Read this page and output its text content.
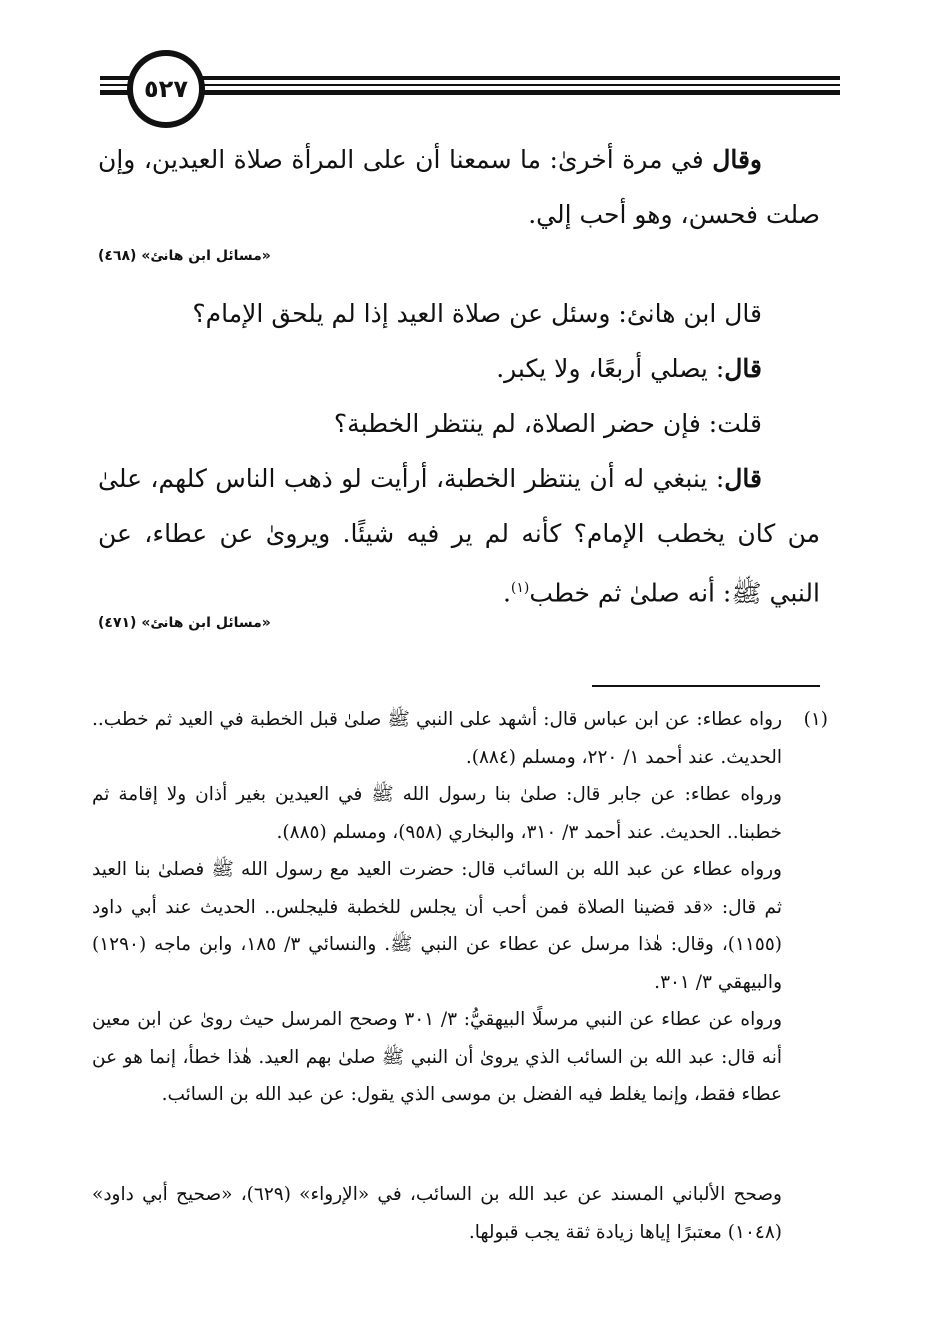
٥٢٧

وقال في مرة أخرىٰ: ما سمعنا أن على المرأة صلاة العيدين، وإن صلت فحسن، وهو أحب إلي.

«مسائل ابن هانئ» (٤٦٨)

قال ابن هانئ: وسئل عن صلاة العيد إذا لم يلحق الإمام؟

قال: يصلي أربعًا، ولا يكبر.

قلت: فإن حضر الصلاة، لم ينتظر الخطبة؟

قال: ينبغي له أن ينتظر الخطبة، أرأيت لو ذهب الناس كلهم، علىٰ من كان يخطب الإمام؟ كأنه لم ير فيه شيئًا. ويروىٰ عن عطاء، عن النبي ﷺ: أنه صلىٰ ثم خطب$^{(١)}$.

«مسائل ابن هانئ» (٤٧١)
(١)

رواه عطاء: عن ابن عباس قال: أشهد على النبي ﷺ صلىٰ قبل الخطبة في العيد ثم خطب.. الحديث. عند أحمد ١/ ٢٢٠، ومسلم (٨٨٤).

ورواه عطاء: عن جابر قال: صلىٰ بنا رسول الله ﷺ في العيدين بغير أذان ولا إقامة ثم خطبنا.. الحديث. عند أحمد ٣/ ٣١٠، والبخاري (٩٥٨)، ومسلم (٨٨٥).

ورواه عطاء عن عبد الله بن السائب قال: حضرت العيد مع رسول الله ﷺ فصلىٰ بنا العيد ثم قال: «قد قضينا الصلاة فمن أحب أن يجلس للخطبة فليجلس.. الحديث عند أبي داود (١١٥٥)، وقال: هٰذا مرسل عن عطاء عن النبي ﷺ. والنسائي ٣/ ١٨٥، وابن ماجه (١٢٩٠) والبيهقي ٣/ ٣٠١.

ورواه عن عطاء عن النبي مرسلًا البيهقيُّ: ٣/ ٣٠١ وصحح المرسل حيث روىٰ عن ابن معين أنه قال: عبد الله بن السائب الذي يروىٰ أن النبي ﷺ صلىٰ بهم العيد. هٰذا خطأ، إنما هو عن عطاء فقط، وإنما يغلط فيه الفضل بن موسى الذي يقول: عن عبد الله بن السائب.

وصحح الألباني المسند عن عبد الله بن السائب، في «الإرواء» (٦٢٩)، «صحيح أبي داود» (١٠٤٨) معتبرًا إياها زيادة ثقة يجب قبولها.
